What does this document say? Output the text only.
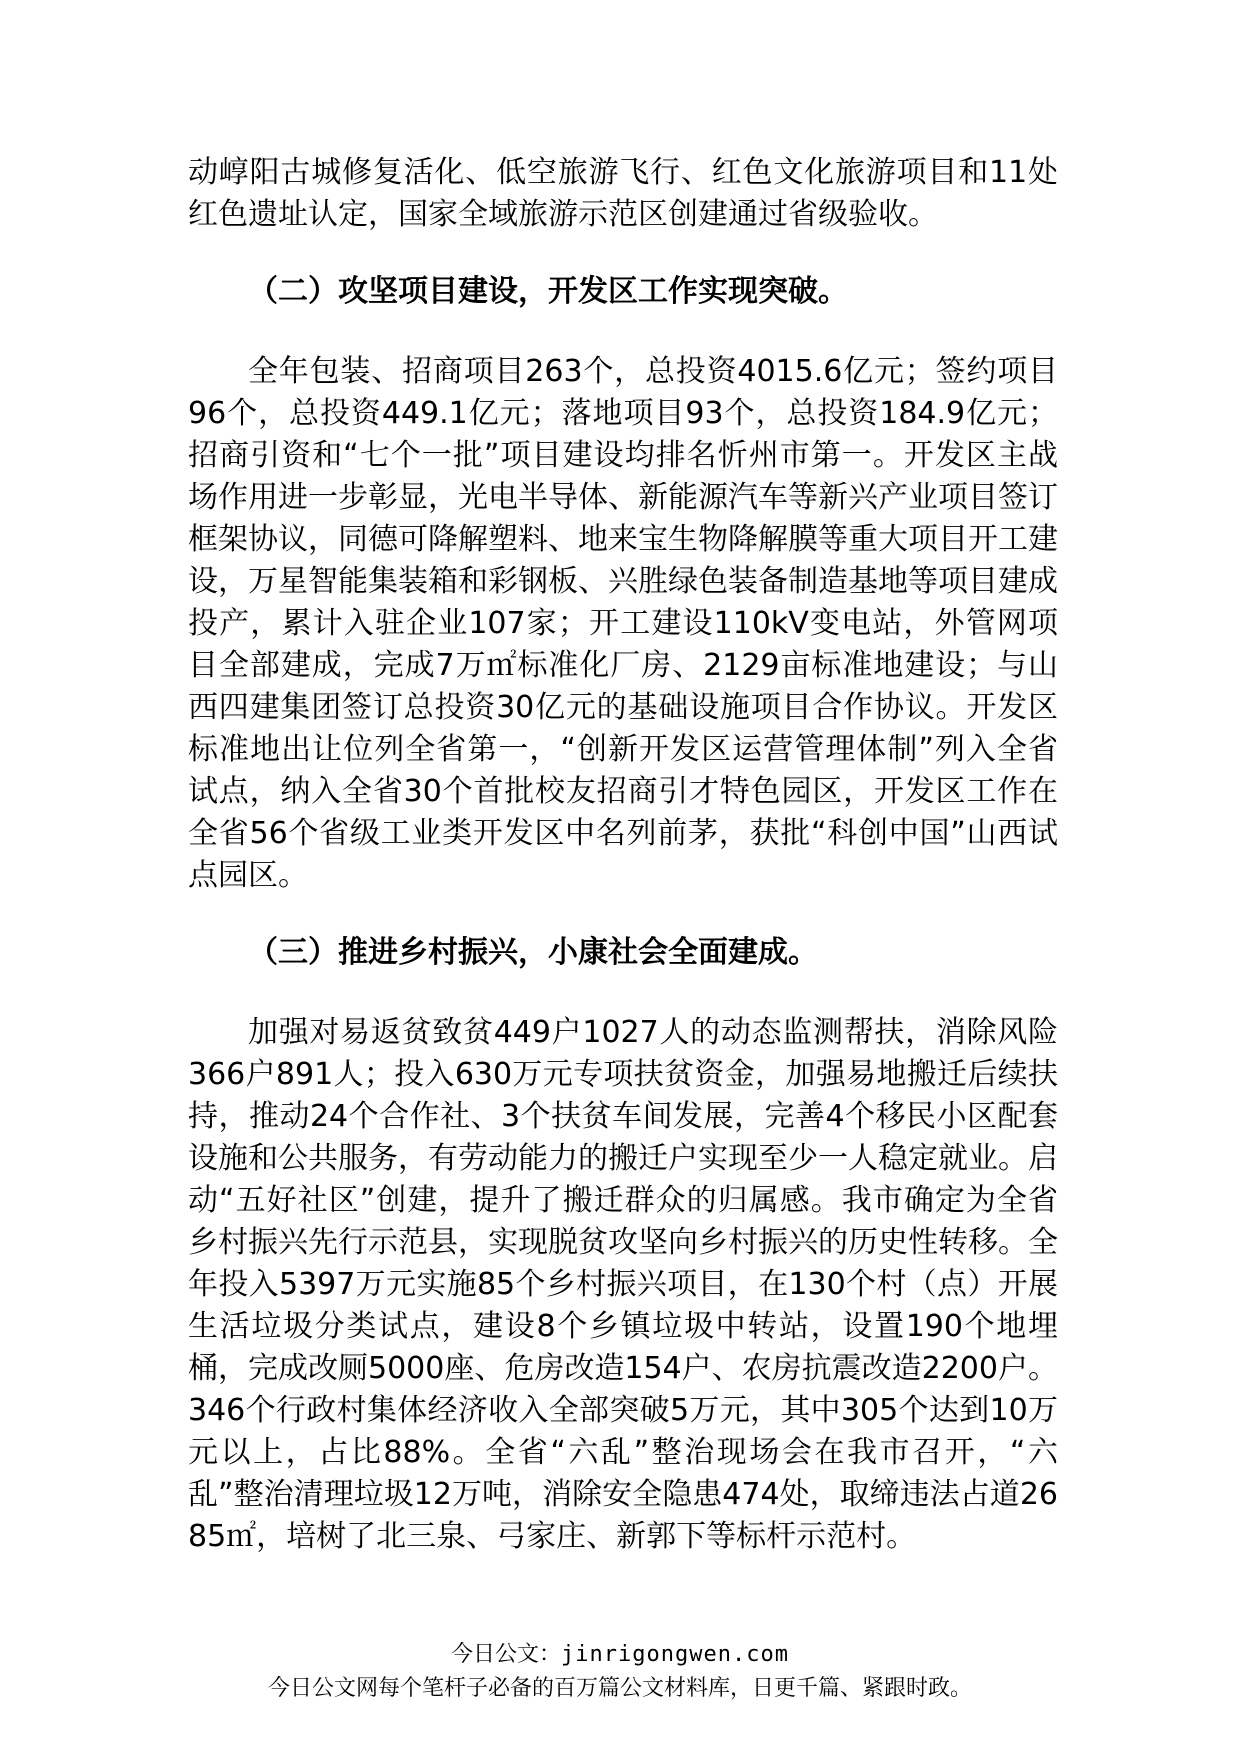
动崞阳古城修复活化、低空旅游飞行、红色文化旅游项目和11处红色遗址认定，国家全域旅游示范区创建通过省级验收。

（二）攻坚项目建设，开发区工作实现突破。

全年包装、招商项目263个，总投资4015.6亿元；签约项目96个，总投资449.1亿元；落地项目93个，总投资184.9亿元；招商引资和“七个一批”项目建设均排名忻州市第一。开发区主战场作用进一步彰显，光电半导体、新能源汽车等新兴产业项目签订框架协议，同德可降解塑料、地来宝生物降解膜等重大项目开工建设，万星智能集装箱和彩钢板、兴胜绿色装备制造基地等项目建成投产，累计入驻企业107家；开工建设110kV变电站，外管网项目全部建成，完成7万㎡标准化厂房、2129亩标准地建设；与山西四建集团签订总投资30亿元的基础设施项目合作协议。开发区标准地出让位列全省第一，“创新开发区运营管理体制”列入全省试点，纳入全省30个首批校友招商引才特色园区，开发区工作在全省56个省级工业类开发区中名列前茅，获批“科创中国”山西试点园区。

（三）推进乡村振兴，小康社会全面建成。

加强对易返贫致贫449户1027人的动态监测帮扶，消除风险366户891人；投入630万元专项扶贫资金，加强易地搬迁后续扶持，推动24个合作社、3个扶贫车间发展，完善4个移民小区配套设施和公共服务，有劳动能力的搬迁户实现至少一人稳定就业。启动“五好社区”创建，提升了搬迁群众的归属感。我市确定为全省乡村振兴先行示范县，实现脱贫攻坚向乡村振兴的历史性转移。全年投入5397万元实施85个乡村振兴项目，在130个村（点）开展生活垃圾分类试点，建设8个乡镇垃圾中转站，设置190个地埋桶，完成改厕5000座、危房改造154户、农房抗震改造2200户。346个行政村集体经济收入全部突破5万元，其中305个达到10万元以上，占比88%。全省“六乱”整治现场会在我市召开，“六乱”整治清理垃圾12万吨，消除安全隐患474处，取缔违法占道2685㎡，培树了北三泉、弓家庄、新郭下等标杆示范村。

今日公文：jinrigongwen.com
今日公文网每个笔杆子必备的百万篇公文材料库，日更千篇、紧跟时政。
